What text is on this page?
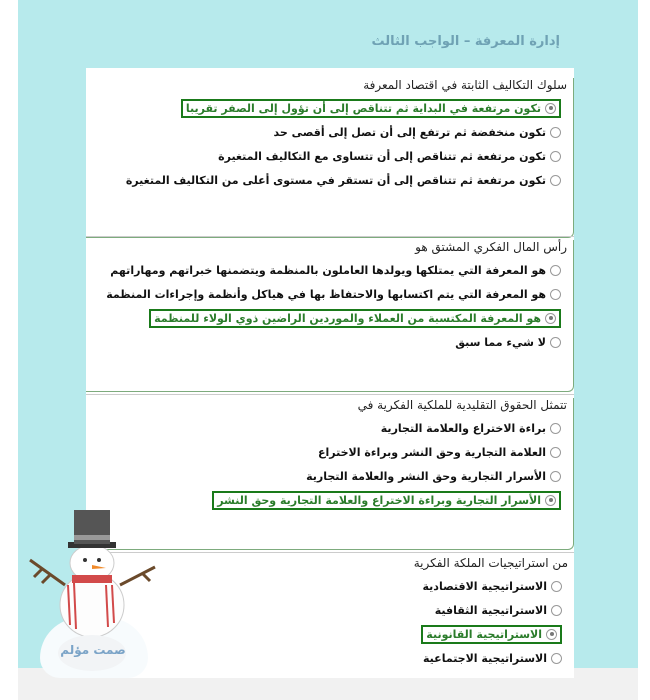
إدارة المعرفة – الواجب الثالث
سلوك التكاليف الثابتة في اقتصاد المعرفة
تكون مرتفعة في البداية ثم تتناقص إلى أن تؤول إلى الصفر تقريبا
تكون منخفضة ثم ترتفع إلى أن تصل إلى أقصى حد
تكون مرتفعة ثم تتناقص إلى أن تتساوى مع التكاليف المتغيرة
تكون مرتفعة ثم تتناقص إلى أن تستقر في مستوى أعلى من التكاليف المتغيرة
رأس المال الفكري المشتق هو
هو المعرفة التي يمتلكها ويولدها العاملون بالمنظمة ويتضمنها خبراتهم ومهاراتهم
هو المعرفة التي يتم اكتسابها والاحتفاظ بها في هياكل وأنظمة وإجراءات المنظمة
هو المعرفة المكتسبة من العملاء والموردين الراضين ذوي الولاء للمنظمة
لا شيء مما سبق
تتمثل الحقوق التقليدية للملكية الفكرية في
براءة الاختراع والعلامة التجارية
العلامة التجارية وحق النشر وبراءة الاختراع
الأسرار التجارية وحق النشر والعلامة التجارية
الأسرار التجارية وبراءة الاختراع والعلامة التجارية وحق النشر
من استراتيجيات الملكة الفكرية
الاستراتيجية الاقتصادية
الاستراتيجية الثقافية
الاستراتيجية القانونية
الاستراتيجية الاجتماعية
صمت مؤلم
